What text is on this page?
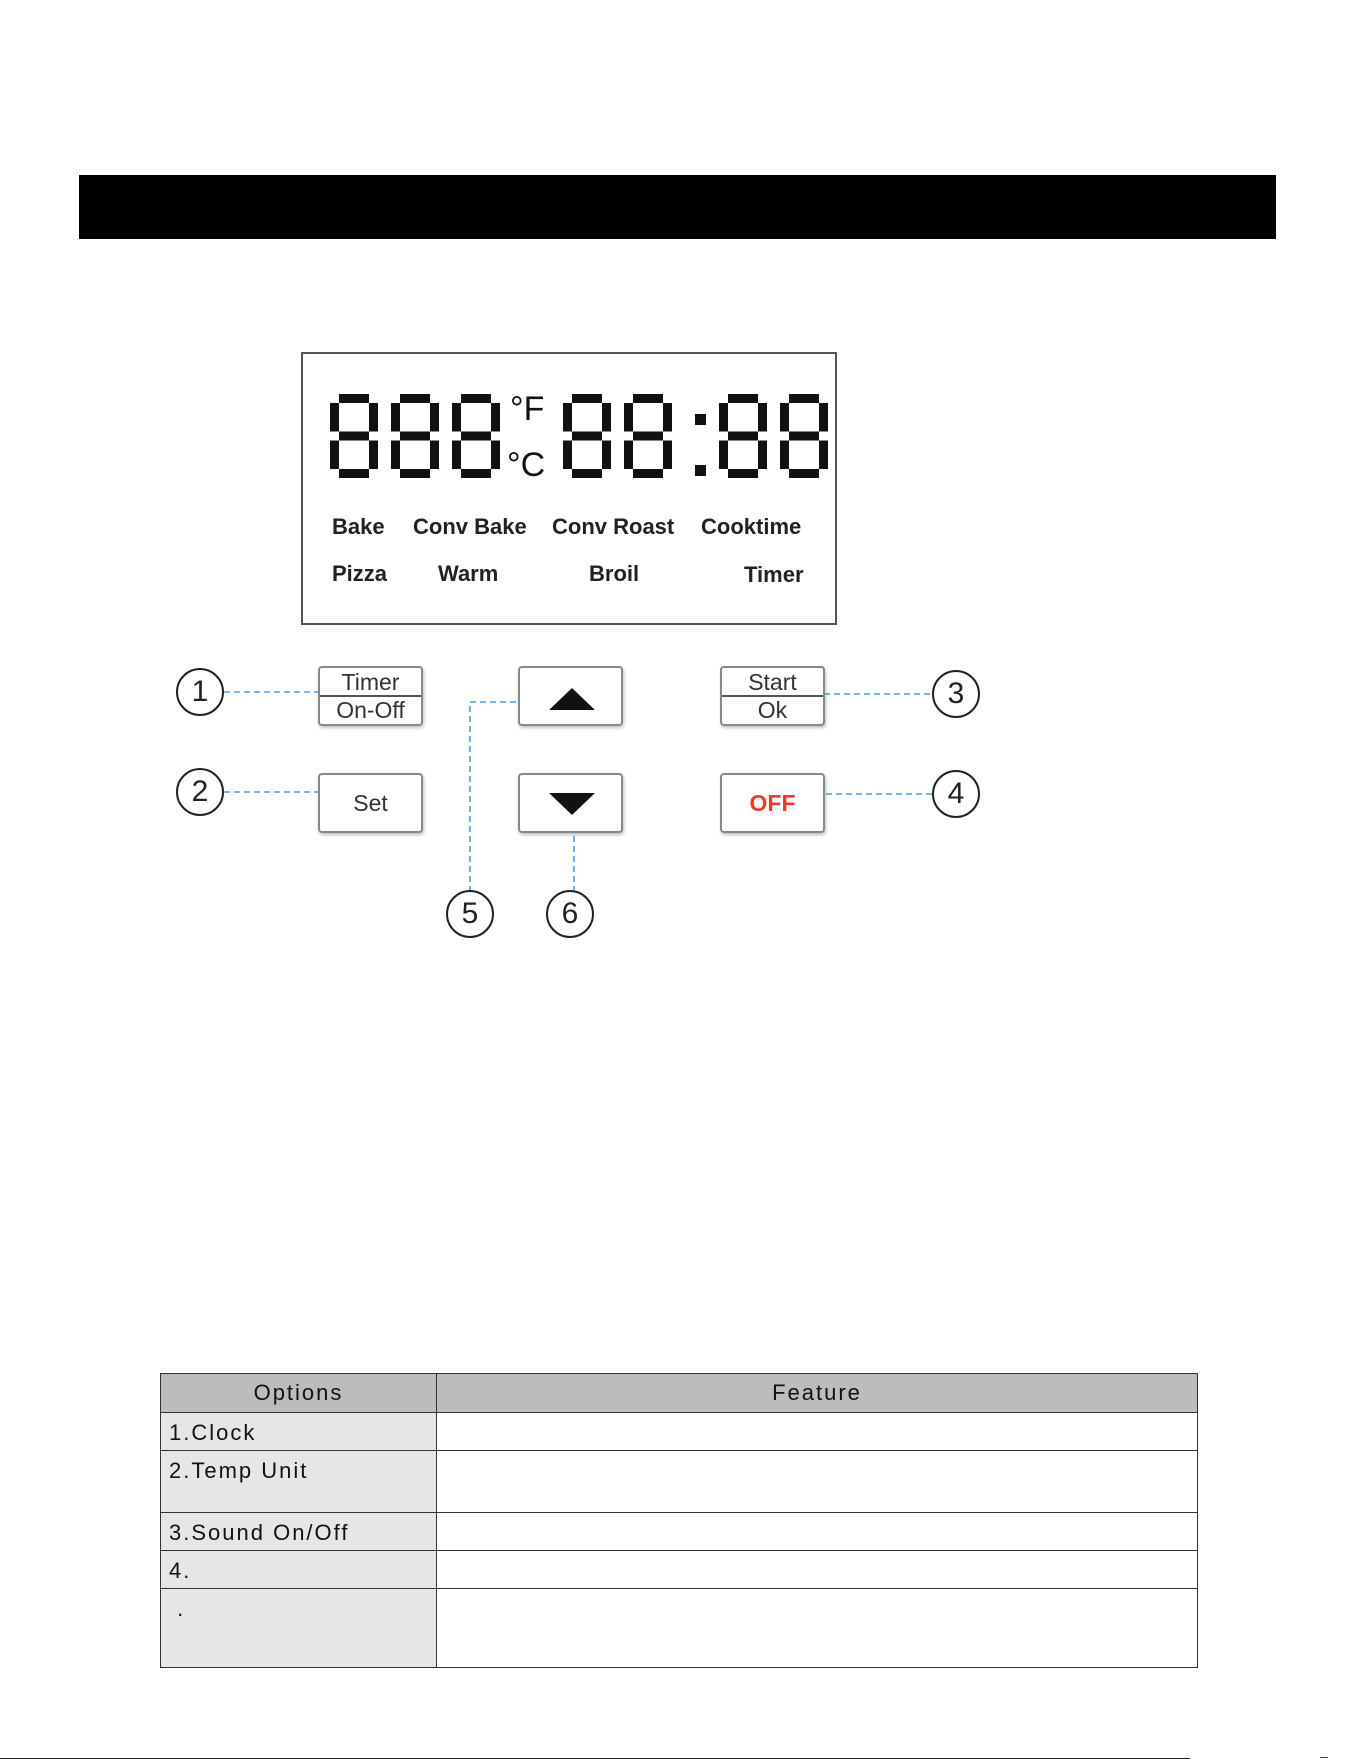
°F
°C
Bake Conv Bake Conv Roast Cooktime
Pizza Warm	Broil	Timer
Timer
On-Off
Set
Start
Ok
OFF
1
2
3
4
5	6
Options	Feature
1.Clock	
2.Temp Unit	
3.Sound On/Off	
4.	
.	
